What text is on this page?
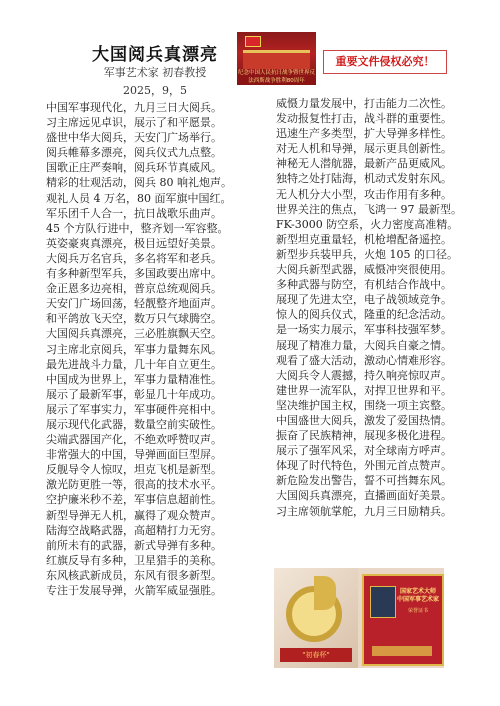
大国阅兵真漂亮
军事艺术家 初春教授
2025，9，5
纪念中国人民抗日战争暨世界反法西斯战争胜利80周年
重要文件侵权必究！
中国军事现代化，九月三日大阅兵。
习主席远见卓识，展示了和平愿景。
盛世中华大阅兵，天安门广场举行。
阅兵帷幕多漂亮，阅兵仪式九点整。
国歌正庄严奏响，阅兵环节真威风。
精彩的壮观活动，阅兵 80 响礼炮声。
观礼人员 4 万名，80 面军旗中国红。
军乐团千人合一，抗日战歌乐曲声。
45 个方队行进中，整齐划一军容整。
英姿豪爽真漂亮，极目远望好美景。
大阅兵万名官兵，多名将军和老兵。
有多种新型军兵，多国政要出席中。
金正恩多边亮相，普京总统观阅兵。
天安门广场回荡，轻靓整齐地面声。
和平鸽放飞天空，数万只气球腾空。
大国阅兵真漂亮，三必胜旗飘天空。
习主席北京阅兵，军事力量舞东风。
最先进战斗力量，几十年自立更生。
中国成为世界上，军事力量精准性。
展示了最新军事，彰显几十年成功。
展示了军事实力，军事硬件亮相中。
展示现代化武器，数量空前实破性。
尖端武器国产化，不绝欢呼赞叹声。
非常强大的中国，导弹画面巨型屏。
反舰导令人惊叹，坦克飞机是新型。
激光防更胜一等，很高的技术水平。
空护廉米秒不差，军事信息超前性。
新型导弹无人机，赢得了观众赞声。
陆海空战略武器，高超精打力无穷。
前所未有的武器，新式导弹有多种。
红旗反导有多种，卫星猎手的美称。
东风核武新成员，东风有很多新型。
专注于发展导弹，火箭军威显强胜。
威慑力量发展中，打击能力二次性。
发动报复性打击，战斗群的重要性。
迅速生产多类型，扩大导弹多样性。
对无人机和导弹，展示更具创新性。
神秘无人潜航器，最新产品更威风。
独特之处打陆海，机动式发射东风。
无人机分大小型，攻击作用有多种。
世界关注的焦点，飞鸿一 97 最新型。
FK-3000 防空系，火力密度高准精。
新型坦克重量轻，机枪增配备遥控。
新型步兵装甲兵，火炮 105 的口径。
大阅兵新型武器，威慑冲突很使用。
多种武器与防空，有机结合作战中。
展现了先进太空，电子战领域竞争。
惊人的阅兵仪式，隆重的纪念活动。
是一场实力展示，军事科技强军梦。
展现了精准力量，大阅兵自豪之情。
观看了盛大活动，激动心情难形容。
大阅兵令人震撼，持久响亮惊叹声。
建世界一流军队，对捍卫世界和平。
坚决维护国主权，围绕一项主宾整。
中国盛世大阅兵，激发了爱国热情。
振奋了民族精神，展现多极化进程。
展示了强军风采，对全球南方呼声。
体现了时代特色，外围元首点赞声。
新危险发出警告，誓不可挡舞东风。
大国阅兵真漂亮，直播画面好美景。
习主席领航掌舵，九月三日励精兵。
"初春杯"
国家艺术大师 中国军事艺术家
荣誉证书
